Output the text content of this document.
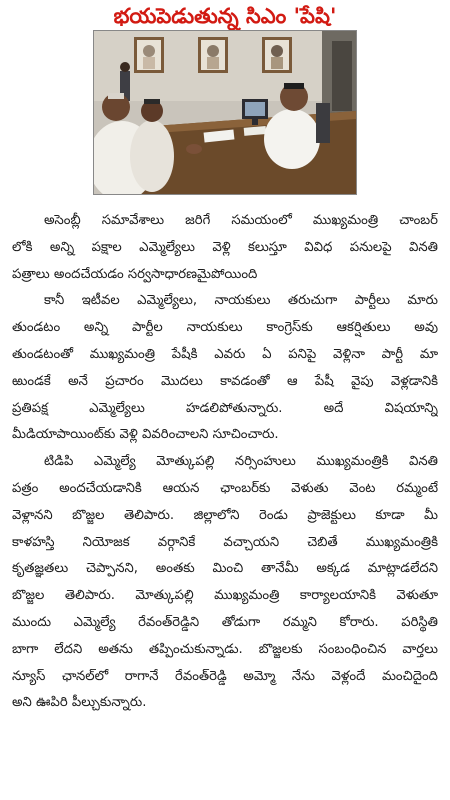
భయపెడుతున్న సిఎం 'పేషి'

అసెంబ్లీ సమావేశాలు జరిగే సమయంలో ముఖ్యమంత్రి చాంబర్
లోకి అన్ని పక్షాల ఎమ్మెల్యేలు వెళ్లి కలుస్తూ వివిధ పనులపై వినతి
పత్రాలు అందచేయడం సర్వసాధారణమైపోయింది

కానీ ఇటీవల ఎమ్మెల్యేలు, నాయకులు తరుచుగా పార్టీలు మారు
తుండటం అన్ని పార్టీల నాయకులు కాంగ్రెస్‌కు ఆకర్షితులు అవు
తుండటంతో ముఖ్యమంత్రి పేషీకి ఎవరు ఏ పనిపై వెళ్లినా పార్టీ మా
ఱుండకే అనే ప్రచారం మొదలు కావడంతో ఆ పేషీ వైపు వెళ్లడానికి
ప్రతిపక్ష ఎమ్మెల్యేలు హడలిపోతున్నారు. అదే విషయాన్ని
మీడియాపాయింట్‌కు వెళ్లి వివరించాలని సూచించారు.

టిడిపి ఎమ్మెల్యే మోత్కుపల్లి నర్సింహులు ముఖ్యమంత్రికి వినతి
పత్రం అందచేయడానికి ఆయన ఛాంబర్‌కు వెళుతు వెంట రమ్మంటే
వెళ్లానని బొజ్జల తెలిపారు. జిల్లాలోని రెండు ప్రాజెక్టులు కూడా మీ
కాళహస్తి నియోజక వర్గానికే వచ్చాయని చెబితే ముఖ్యమంత్రికి
కృతజ్ఞతలు చెప్పానని, అంతకు మించి తానేమీ అక్కడ మాట్లాడలేదని
బొజ్జల తెలిపారు. మోత్కుపల్లి ముఖ్యమంత్రి కార్యాలయానికి వెళుతూ
ముందు ఎమ్మెల్యే రేవంత్‌రెడ్డిని తోడుగా రమ్మని కోరారు. పరిస్థితి
బాగా లేదని అతను తప్పించుకున్నాడు. బొజ్జలకు సంబంధించిన వార్తలు
న్యూస్ ఛానల్‌లో రాగానే రేవంత్‌రెడ్డి అమ్మో నేను వెళ్లందే మంచిదైంది
అని ఊపిరి పీల్చుకున్నారు.
